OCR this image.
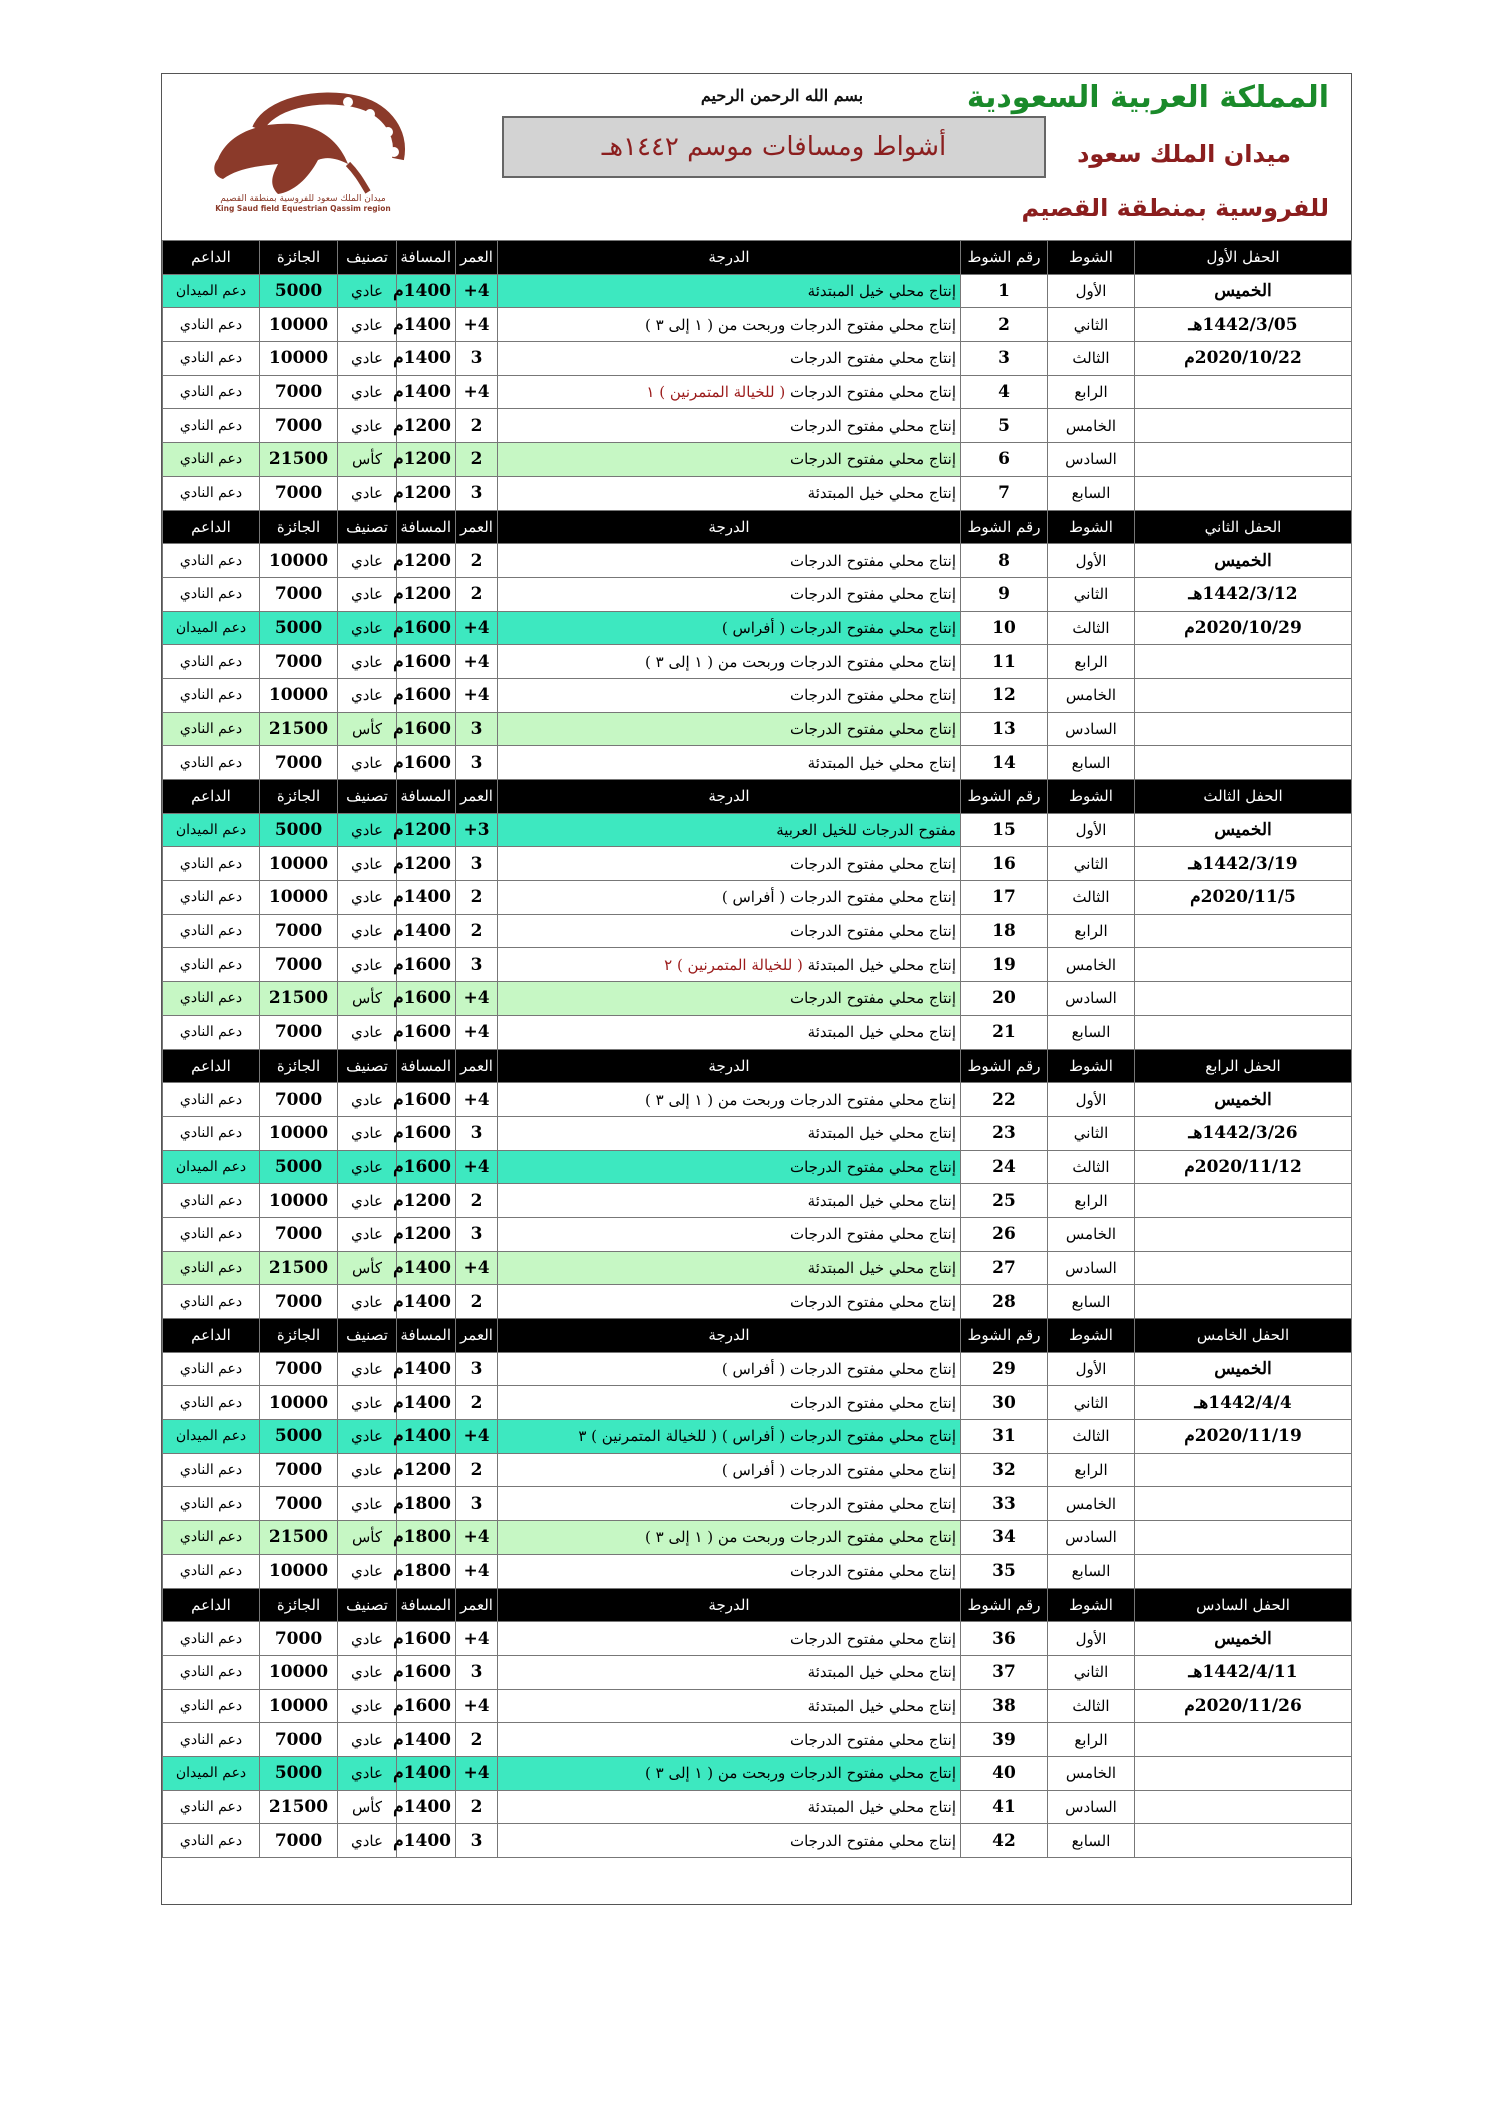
المملكة العربية السعودية
ميدان الملك سعود
للفروسية بمنطقة القصيم
بسم الله الرحمن الرحيم
أشواط ومسافات موسم ١٤٤٢هـ
ميدان الملك سعود للفروسية بمنطقة القصيم
King Saud field Equestrian Qassim region
الحفل الأول	الشوط	رقم الشوط	الدرجة	العمر	المسافة	تصنيف	الجائزة	الداعم
الخميس	الأول	1	إنتاج محلي خيل المبتدئة	4+	1400م	عادي	5000	دعم الميدان
1442/3/05هـ	الثاني	2	إنتاج محلي مفتوح الدرجات وربحت من ( ١ إلى ٣ )	4+	1400م	عادي	10000	دعم النادي
2020/10/22م	الثالث	3	إنتاج محلي مفتوح الدرجات	3	1400م	عادي	10000	دعم النادي
	الرابع	4	إنتاج محلي مفتوح الدرجات ( للخيالة المتمرنين ) ١	4+	1400م	عادي	7000	دعم النادي
	الخامس	5	إنتاج محلي مفتوح الدرجات	2	1200م	عادي	7000	دعم النادي
	السادس	6	إنتاج محلي مفتوح الدرجات	2	1200م	كأس	21500	دعم النادي
	السابع	7	إنتاج محلي خيل المبتدئة	3	1200م	عادي	7000	دعم النادي
الحفل الثاني	الشوط	رقم الشوط	الدرجة	العمر	المسافة	تصنيف	الجائزة	الداعم
الخميس	الأول	8	إنتاج محلي مفتوح الدرجات	2	1200م	عادي	10000	دعم النادي
1442/3/12هـ	الثاني	9	إنتاج محلي مفتوح الدرجات	2	1200م	عادي	7000	دعم النادي
2020/10/29م	الثالث	10	إنتاج محلي مفتوح الدرجات ( أفراس )	4+	1600م	عادي	5000	دعم الميدان
	الرابع	11	إنتاج محلي مفتوح الدرجات وربحت من ( ١ إلى ٣ )	4+	1600م	عادي	7000	دعم النادي
	الخامس	12	إنتاج محلي مفتوح الدرجات	4+	1600م	عادي	10000	دعم النادي
	السادس	13	إنتاج محلي مفتوح الدرجات	3	1600م	كأس	21500	دعم النادي
	السابع	14	إنتاج محلي خيل المبتدئة	3	1600م	عادي	7000	دعم النادي
الحفل الثالث	الشوط	رقم الشوط	الدرجة	العمر	المسافة	تصنيف	الجائزة	الداعم
الخميس	الأول	15	مفتوح الدرجات للخيل العربية	3+	1200م	عادي	5000	دعم الميدان
1442/3/19هـ	الثاني	16	إنتاج محلي مفتوح الدرجات	3	1200م	عادي	10000	دعم النادي
2020/11/5م	الثالث	17	إنتاج محلي مفتوح الدرجات ( أفراس )	2	1400م	عادي	10000	دعم النادي
	الرابع	18	إنتاج محلي مفتوح الدرجات	2	1400م	عادي	7000	دعم النادي
	الخامس	19	إنتاج محلي خيل المبتدئة ( للخيالة المتمرنين ) ٢	3	1600م	عادي	7000	دعم النادي
	السادس	20	إنتاج محلي مفتوح الدرجات	4+	1600م	كأس	21500	دعم النادي
	السابع	21	إنتاج محلي خيل المبتدئة	4+	1600م	عادي	7000	دعم النادي
الحفل الرابع	الشوط	رقم الشوط	الدرجة	العمر	المسافة	تصنيف	الجائزة	الداعم
الخميس	الأول	22	إنتاج محلي مفتوح الدرجات وربحت من ( ١ إلى ٣ )	4+	1600م	عادي	7000	دعم النادي
1442/3/26هـ	الثاني	23	إنتاج محلي خيل المبتدئة	3	1600م	عادي	10000	دعم النادي
2020/11/12م	الثالث	24	إنتاج محلي مفتوح الدرجات	4+	1600م	عادي	5000	دعم الميدان
	الرابع	25	إنتاج محلي خيل المبتدئة	2	1200م	عادي	10000	دعم النادي
	الخامس	26	إنتاج محلي مفتوح الدرجات	3	1200م	عادي	7000	دعم النادي
	السادس	27	إنتاج محلي خيل المبتدئة	4+	1400م	كأس	21500	دعم النادي
	السابع	28	إنتاج محلي مفتوح الدرجات	2	1400م	عادي	7000	دعم النادي
الحفل الخامس	الشوط	رقم الشوط	الدرجة	العمر	المسافة	تصنيف	الجائزة	الداعم
الخميس	الأول	29	إنتاج محلي مفتوح الدرجات ( أفراس )	3	1400م	عادي	7000	دعم النادي
1442/4/4هـ	الثاني	30	إنتاج محلي مفتوح الدرجات	2	1400م	عادي	10000	دعم النادي
2020/11/19م	الثالث	31	إنتاج محلي مفتوح الدرجات ( أفراس ) ( للخيالة المتمرنين ) ٣	4+	1400م	عادي	5000	دعم الميدان
	الرابع	32	إنتاج محلي مفتوح الدرجات ( أفراس )	2	1200م	عادي	7000	دعم النادي
	الخامس	33	إنتاج محلي مفتوح الدرجات	3	1800م	عادي	7000	دعم النادي
	السادس	34	إنتاج محلي مفتوح الدرجات وربحت من ( ١ إلى ٣ )	4+	1800م	كأس	21500	دعم النادي
	السابع	35	إنتاج محلي مفتوح الدرجات	4+	1800م	عادي	10000	دعم النادي
الحفل السادس	الشوط	رقم الشوط	الدرجة	العمر	المسافة	تصنيف	الجائزة	الداعم
الخميس	الأول	36	إنتاج محلي مفتوح الدرجات	4+	1600م	عادي	7000	دعم النادي
1442/4/11هـ	الثاني	37	إنتاج محلي خيل المبتدئة	3	1600م	عادي	10000	دعم النادي
2020/11/26م	الثالث	38	إنتاج محلي خيل المبتدئة	4+	1600م	عادي	10000	دعم النادي
	الرابع	39	إنتاج محلي مفتوح الدرجات	2	1400م	عادي	7000	دعم النادي
	الخامس	40	إنتاج محلي مفتوح الدرجات وربحت من ( ١ إلى ٣ )	4+	1400م	عادي	5000	دعم الميدان
	السادس	41	إنتاج محلي خيل المبتدئة	2	1400م	كأس	21500	دعم النادي
	السابع	42	إنتاج محلي مفتوح الدرجات	3	1400م	عادي	7000	دعم النادي
